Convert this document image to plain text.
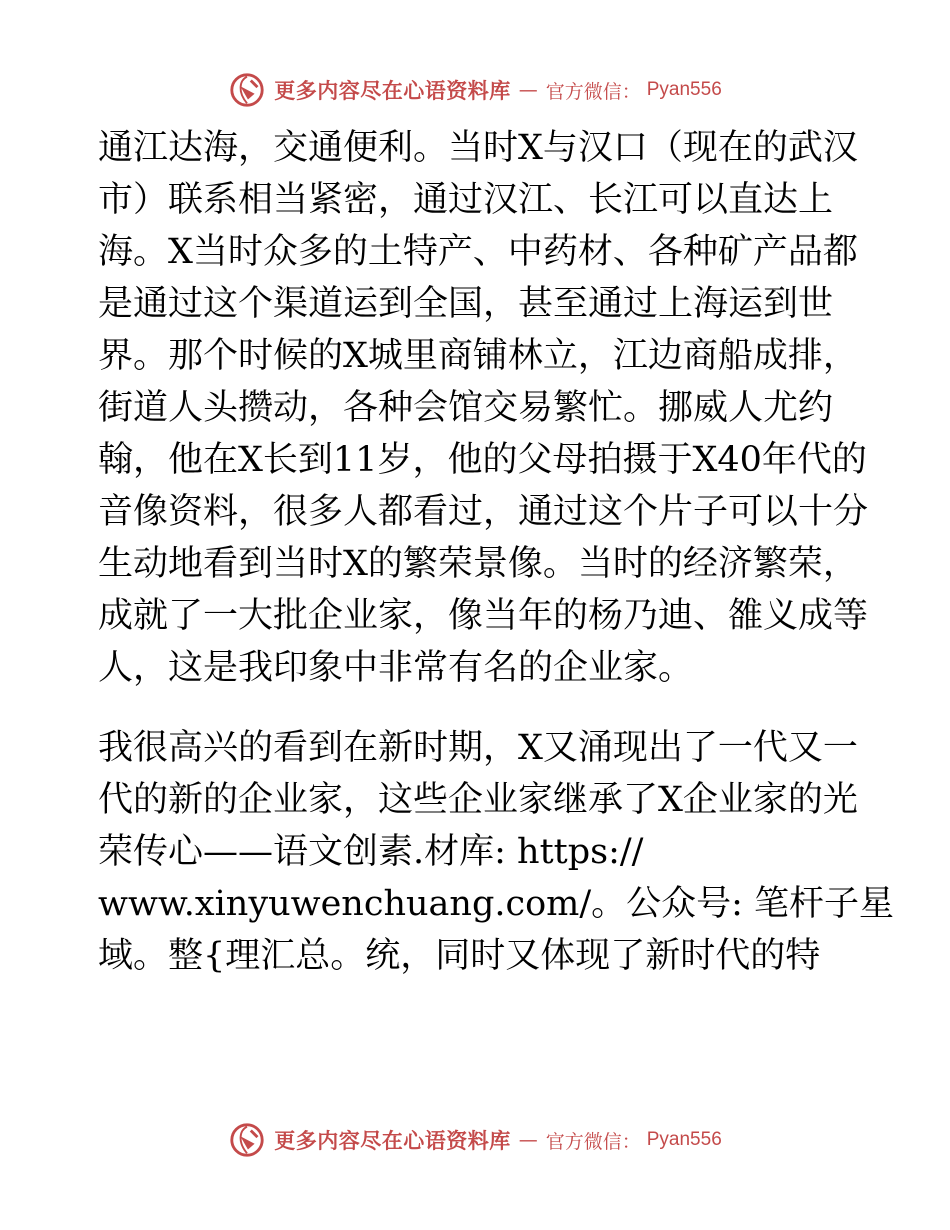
更多内容尽在心语资料库 — 官方微信： Pyan556
通江达海，交通便利。当时X与汉口（现在的武汉
市）联系相当紧密，通过汉江、长江可以直达上
海。X当时众多的土特产、中药材、各种矿产品都
是通过这个渠道运到全国，甚至通过上海运到世
界。那个时候的X城里商铺林立，江边商船成排，
街道人头攒动，各种会馆交易繁忙。挪威人尤约
翰，他在X长到11岁，他的父母拍摄于X40年代的
音像资料，很多人都看过，通过这个片子可以十分
生动地看到当时X的繁荣景像。当时的经济繁荣，
成就了一大批企业家，像当年的杨乃迪、雒义成等
人，这是我印象中非常有名的企业家。
我很高兴的看到在新时期，X又涌现出了一代又一
代的新的企业家，这些企业家继承了X企业家的光
荣传心——语文创素.材库: https://
www.xinyuwenchuang.com/。公众号: 笔杆子星
域。整{理汇总。统，同时又体现了新时代的特
更多内容尽在心语资料库 — 官方微信： Pyan556
